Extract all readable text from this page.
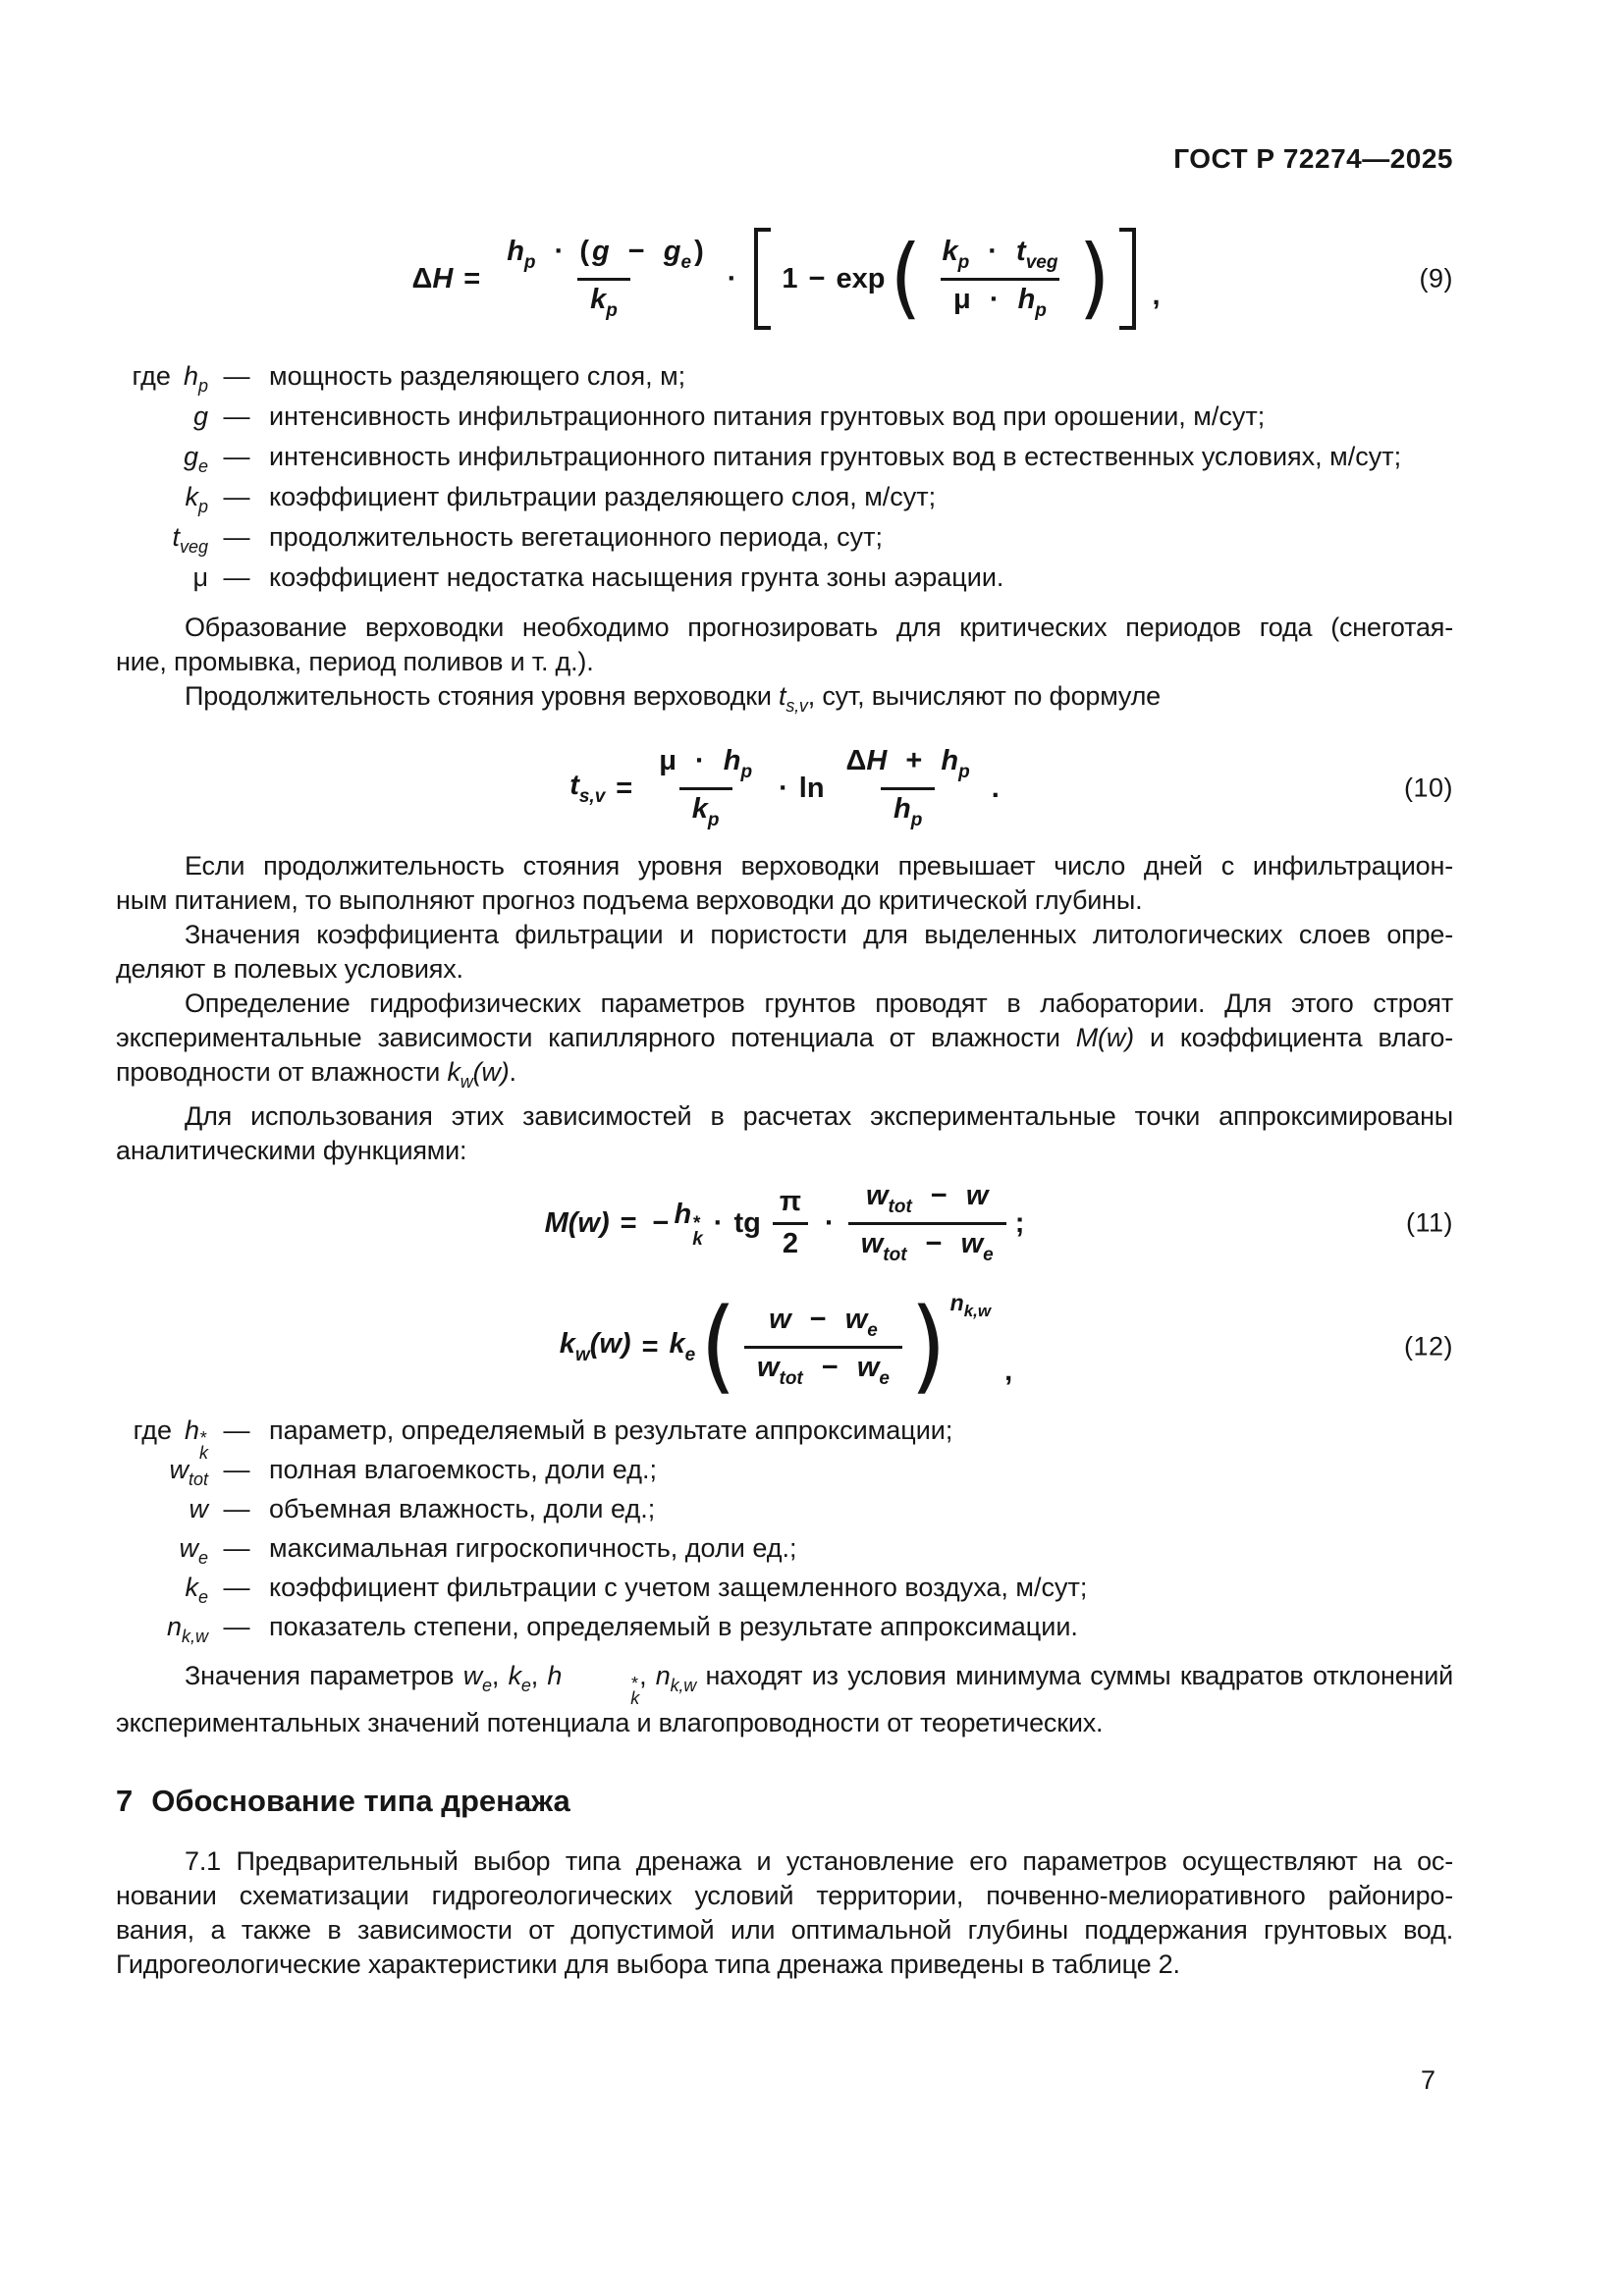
ГОСТ Р 72274—2025
$\Delta H = \frac{h_p \cdot ( g - g_e )}{k_p} \cdot 1 - \exp$ ( $\frac{k_p \cdot t_{veg}}{\mu \cdot h_p}$ ) ,
(9)
где $h_p$ — мощность разделяющего слоя, м;
g — интенсивность инфильтрационного питания грунтовых вод при орошении, м/сут;
$g_e$ — интенсивность инфильтрационного питания грунтовых вод в естественных условиях, м/сут;
$k_p$ — коэффициент фильтрации разделяющего слоя, м/сут;
$t_{veg}$ — продолжительность вегетационного периода, сут;
μ — коэффициент недостатка насыщения грунта зоны аэрации.
Образование верховодки необходимо прогнозировать для критических периодов года (снеготая-
ние, промывка, период поливов и т. д.).
Продолжительность стояния уровня верховодки $t_{s,v}$, сут, вычисляют по формуле
$t_{s,v} = \frac{\mu \cdot h_p}{k_p} \cdot \ln \frac{\Delta H + h_p}{h_p}$ .	(10)
Если продолжительность стояния уровня верховодки превышает число дней с инфильтрацион-
ным питанием, то выполняют прогноз подъема верховодки до критической глубины.
Значения коэффициента фильтрации и пористости для выделенных литологических слоев опре-
деляют в полевых условиях.
Определение гидрофизических параметров грунтов проводят в лаборатории. Для этого строят
экспериментальные зависимости капиллярного потенциала от влажности M(w) и коэффициента влаго-
проводности от влажности $k_w(w)$.
Для использования этих зависимостей в расчетах экспериментальные точки аппроксимированы
аналитическими функциями:
M(w) = − h *
k
· tg $\frac{\pi}{2} \cdot \frac{w_{tot} - w}{w_{tot} - w_e}$ ;	(11)
$k_w(w) = k_e$ ( $\frac{w - w_e}{w_{tot} - w_e}$ ) $n_{k,w}$
,
(12)
где h *
k
— параметр, определяемый в результате аппроксимации;
$w_{tot}$ — полная влагоемкость, доли ед.;
w — объемная влажность, доли ед.;
$w_e$ — максимальная гигроскопичность, доли ед.;
$k_e$ — коэффициент фильтрации с учетом защемленного воздуха, м/сут;
$n_{k,w}$ — показатель степени, определяемый в результате аппроксимации.
Значения параметров $w_e$, $k_e$, h	*
k
, $n_{k,w}$ находят из условия минимума суммы квадратов отклонений
экспериментальных значений потенциала и влагопроводности от теоретических.
7 Обоснование типа дренажа
7.1 Предварительный выбор типа дренажа и установление его параметров осуществляют на ос-
новании схематизации гидрогеологических условий территории, почвенно-мелиоративного райониро-
вания, а также в зависимости от допустимой или оптимальной глубины поддержания грунтовых вод.
Гидрогеологические характеристики для выбора типа дренажа приведены в таблице 2.
7
